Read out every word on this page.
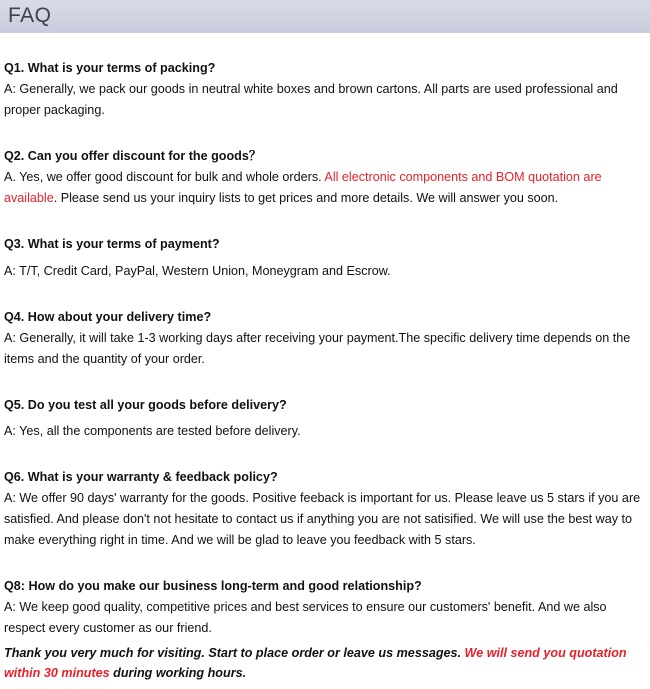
FAQ

Q1. What is your terms of packing?

A: Generally, we pack our goods in neutral white boxes and brown cartons. All parts are used professional and proper packaging.

Q2. Can you offer discount for the goods？

A. Yes, we offer good discount for bulk and whole orders. All electronic components and BOM quotation are available. Please send us your inquiry lists to get prices and more details. We will answer you soon.

Q3. What is your terms of payment?

A: T/T, Credit Card, PayPal, Western Union, Moneygram and Escrow.

Q4. How about your delivery time?

A: Generally, it will take 1-3 working days after receiving your payment.The specific delivery time depends on the items and the quantity of your order.

Q5. Do you test all your goods before delivery?

A: Yes, all the components are tested before delivery.

Q6. What is your warranty & feedback policy?

A: We offer 90 days' warranty for the goods. Positive feeback is important for us. Please leave us 5 stars if you are satisfied. And please don't not hesitate to contact us if anything you are not satisified. We will use the best way to make everything right in time. And we will be glad to leave you feedback with 5 stars.

Q8: How do you make our business long-term and good relationship?

A: We keep good quality, competitive prices and best services to ensure our customers' benefit. And we also respect every customer as our friend.

Thank you very much for visiting. Start to place order or leave us messages. We will send you quotation within 30 minutes during working hours.
